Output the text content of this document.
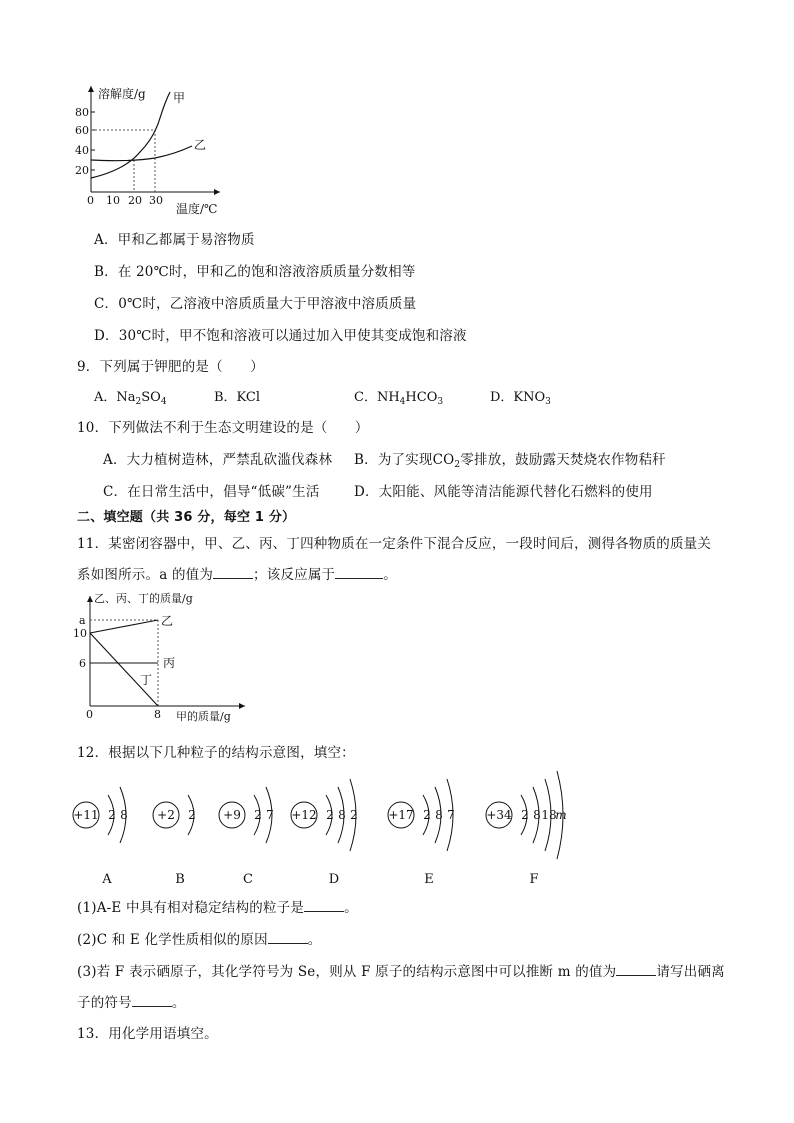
溶解度/g
温度/℃
甲
乙
80
60
40
20
0 10 20 30
A．甲和乙都属于易溶物质
B．在 20℃时，甲和乙的饱和溶液溶质质量分数相等
C．0℃时，乙溶液中溶质质量大于甲溶液中溶质质量
D．30℃时，甲不饱和溶液可以通过加入甲使其变成饱和溶液
9．下列属于钾肥的是（　　）
A．$Na_2SO_4$	B．KCl	C．$NH_4HCO_3$	D．$KNO_3$
10．下列做法不利于生态文明建设的是（　　）
A．大力植树造林，严禁乱砍滥伐森林 B．为了实现$CO_2$零排放，鼓励露天焚烧农作物秸秆
C．在日常生活中，倡导“低碳”生活	D．太阳能、风能等清洁能源代替化石燃料的使用
二、填空题（共 36 分，每空 1 分）
11．某密闭容器中，甲、乙、丙、丁四种物质在一定条件下混合反应，一段时间后，测得各物质的质量关
系如图所示。a 的值为	；该反应属于	。
乙、丙、丁的质量/g
甲的质量/g
a
10
6
0	8
乙
丙
丁
12．根据以下几种粒子的结构示意图，填空：
+11 2 8
A
+2 2
B
+9 2 7
C
+12 2 8 2
D
+17 2 8 7
E
+34 2 8 18
m
F
(1)A-E 中具有相对稳定结构的粒子是	。
(2)C 和 E 化学性质相似的原因	。
(3)若 F 表示硒原子，其化学符号为 Se，则从 F 原子的结构示意图中可以推断 m 的值为	请写出硒离
子的符号	。
13．用化学用语填空。
